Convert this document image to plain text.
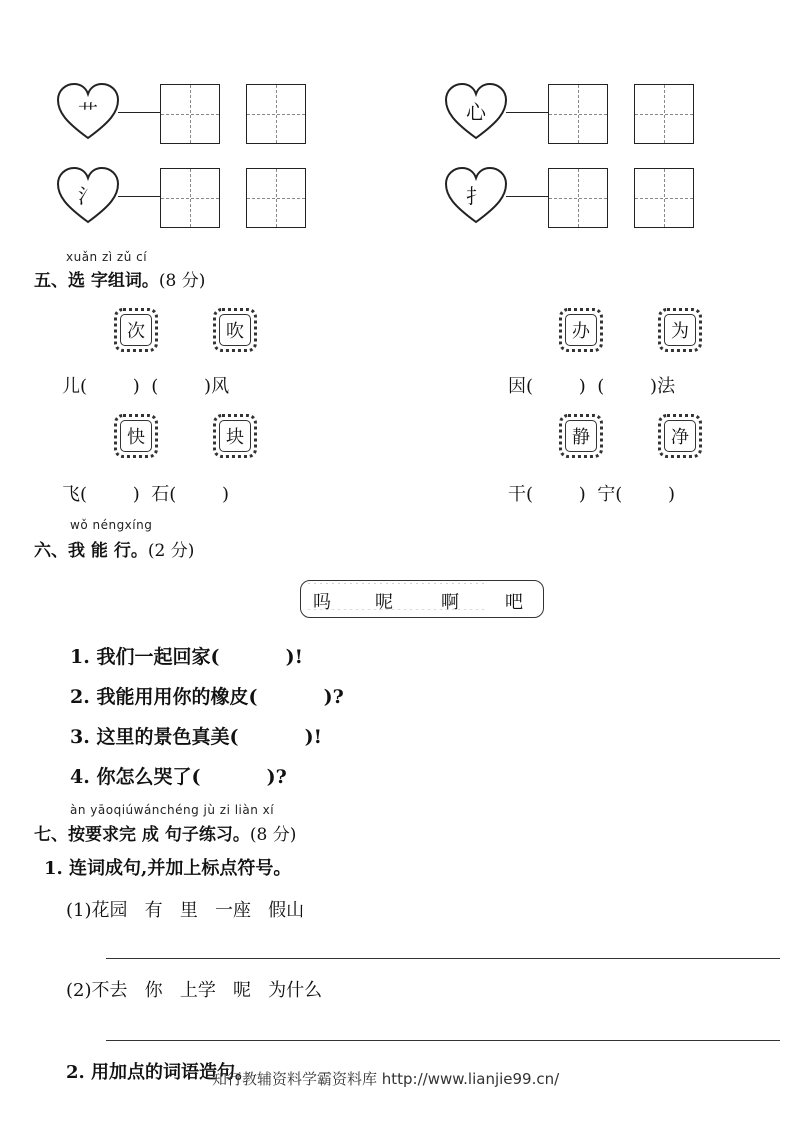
艹	心
氵	扌
xuǎn zì zǔ cí
五、选 字组词。(8 分)
次	吹	办	为
儿(        )  (        )风	因(        )  (        )法
快	块	静	净
飞(        )  石(        )	干(        )  宁(        )
wǒ néngxíng
六、我 能 行。(2 分)
˅˅˅˅˅˅˅˅˅˅˅˅˅˅˅˅˅˅˅˅˅˅˅˅˅˅˅˅˅˅
˄˄˄˄˄˄˄˄˄˄˄˄˄˄˄˄˄˄˄˄˄˄˄˄˄˄˄˄˄˄
吗 呢	啊	吧
1. 我们一起回家(          )!
2. 我能用用你的橡皮(          )?
3. 这里的景色真美(          )!
4. 你怎么哭了(          )?
àn yāoqiúwánchéng jù zi liàn xí
七、按要求完 成 句子练习。(8 分)
1. 连词成句,并加上标点符号。
(1)花园   有   里   一座   假山
(2)不去   你   上学   呢   为什么
2. 用加点的词语造句。
知行教辅资料学霸资料库 http://www.lianjie99.cn/
